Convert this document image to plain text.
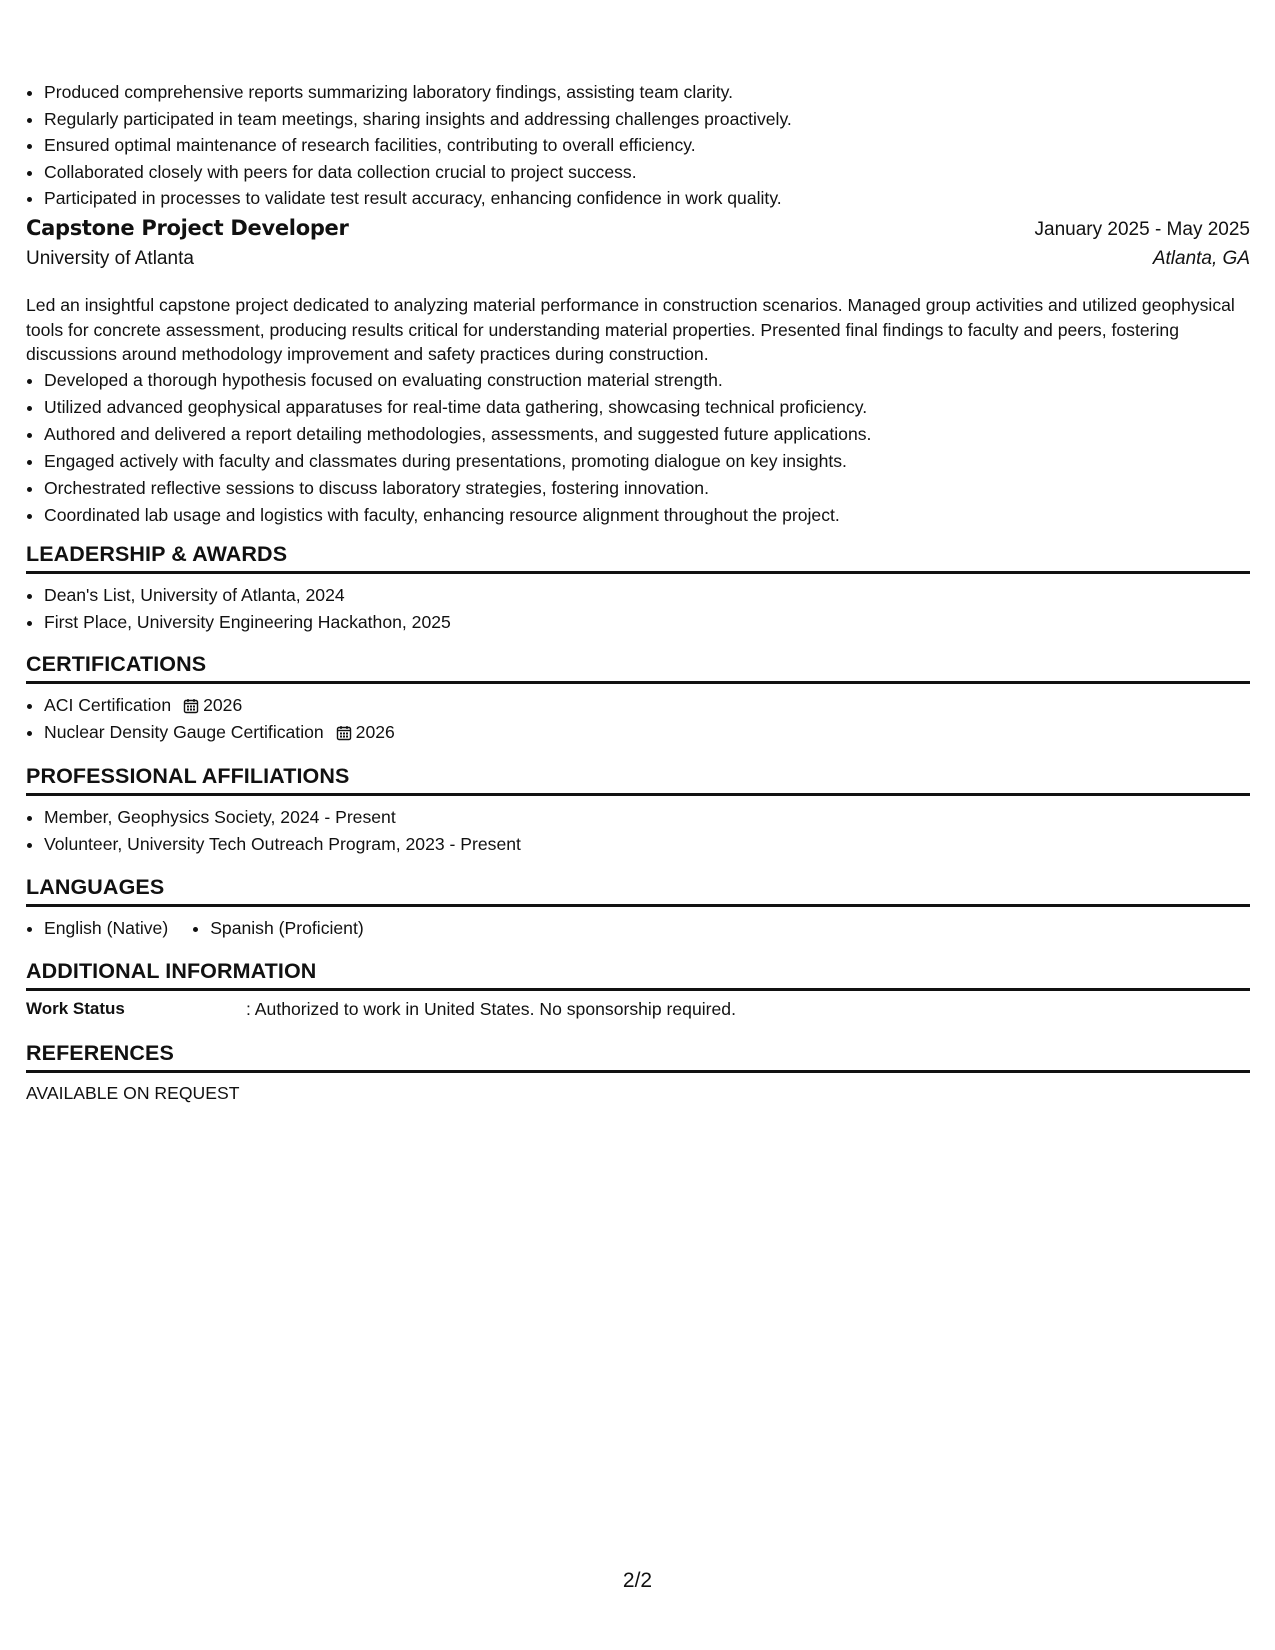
• Produced comprehensive reports summarizing laboratory findings, assisting team clarity.
• Regularly participated in team meetings, sharing insights and addressing challenges proactively.
• Ensured optimal maintenance of research facilities, contributing to overall efficiency.
• Collaborated closely with peers for data collection crucial to project success.
• Participated in processes to validate test result accuracy, enhancing confidence in work quality.
Capstone Project Developer	January 2025 - May 2025
University of Atlanta	Atlanta, GA
Led an insightful capstone project dedicated to analyzing material performance in construction scenarios. Managed group activities and utilized geophysical tools for concrete assessment, producing results critical for understanding material properties. Presented final findings to faculty and peers, fostering discussions around methodology improvement and safety practices during construction.
• Developed a thorough hypothesis focused on evaluating construction material strength.
• Utilized advanced geophysical apparatuses for real-time data gathering, showcasing technical proficiency.
• Authored and delivered a report detailing methodologies, assessments, and suggested future applications.
• Engaged actively with faculty and classmates during presentations, promoting dialogue on key insights.
• Orchestrated reflective sessions to discuss laboratory strategies, fostering innovation.
• Coordinated lab usage and logistics with faculty, enhancing resource alignment throughout the project.
LEADERSHIP & AWARDS
• Dean's List, University of Atlanta, 2024
• First Place, University Engineering Hackathon, 2025
CERTIFICATIONS
• ACI Certification 2026
• Nuclear Density Gauge Certification 2026
PROFESSIONAL AFFILIATIONS
• Member, Geophysics Society, 2024 - Present
• Volunteer, University Tech Outreach Program, 2023 - Present
LANGUAGES
• English (Native)
• Spanish (Proficient)
ADDITIONAL INFORMATION
Work Status	: Authorized to work in United States. No sponsorship required.
REFERENCES
AVAILABLE ON REQUEST
2/2
